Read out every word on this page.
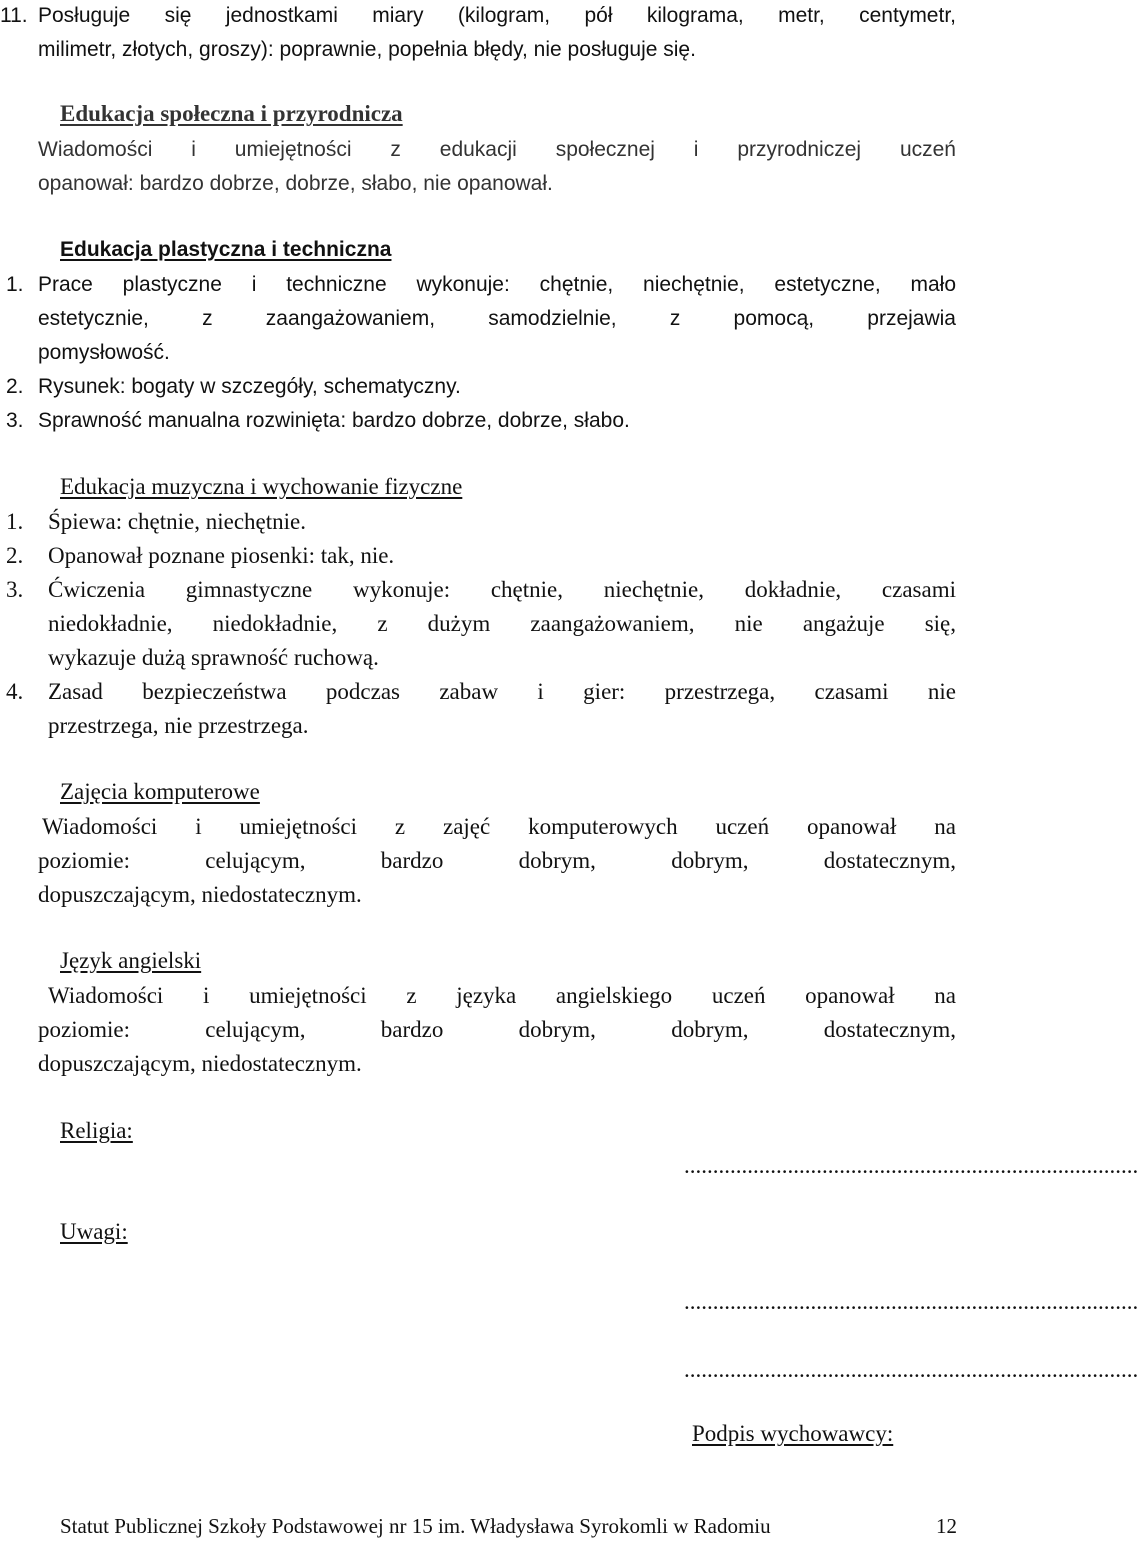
11. Posługuje się jednostkami miary (kilogram, pół kilograma, metr, centymetr,
milimetr, złotych, groszy): poprawnie, popełnia błędy, nie posługuje się.
Edukacja społeczna i przyrodnicza
Wiadomości i umiejętności z edukacji społecznej i przyrodniczej uczeń
opanował: bardzo dobrze, dobrze, słabo, nie opanował.
Edukacja plastyczna i techniczna
1. Prace plastyczne i techniczne wykonuje: chętnie, niechętnie, estetyczne, mało
estetycznie, z zaangażowaniem, samodzielnie, z pomocą, przejawia
pomysłowość.
2. Rysunek: bogaty w szczegóły, schematyczny.
3. Sprawność manualna rozwinięta: bardzo dobrze, dobrze, słabo.
Edukacja muzyczna i wychowanie fizyczne
1. Śpiewa: chętnie, niechętnie.
2. Opanował poznane piosenki: tak, nie.
3. Ćwiczenia gimnastyczne wykonuje: chętnie, niechętnie, dokładnie, czasami
niedokładnie, niedokładnie, z dużym zaangażowaniem, nie angażuje się,
wykazuje dużą sprawność ruchową.
4. Zasad bezpieczeństwa podczas zabaw i gier: przestrzega, czasami nie
przestrzega, nie przestrzega.
Zajęcia komputerowe
Wiadomości i umiejętności z zajęć komputerowych uczeń opanował na
poziomie: celującym, bardzo dobrym, dobrym, dostatecznym,
dopuszczającym, niedostatecznym.
Język angielski
Wiadomości i umiejętności z języka angielskiego uczeń opanował na
poziomie: celującym, bardzo dobrym, dobrym, dostatecznym,
dopuszczającym, niedostatecznym.
Religia:
...............................................................................
Uwagi:
...............................................................................
...............................................................................
Podpis wychowawcy:
Statut Publicznej Szkoły Podstawowej nr 15 im. Władysława Syrokomli w Radomiu	12
